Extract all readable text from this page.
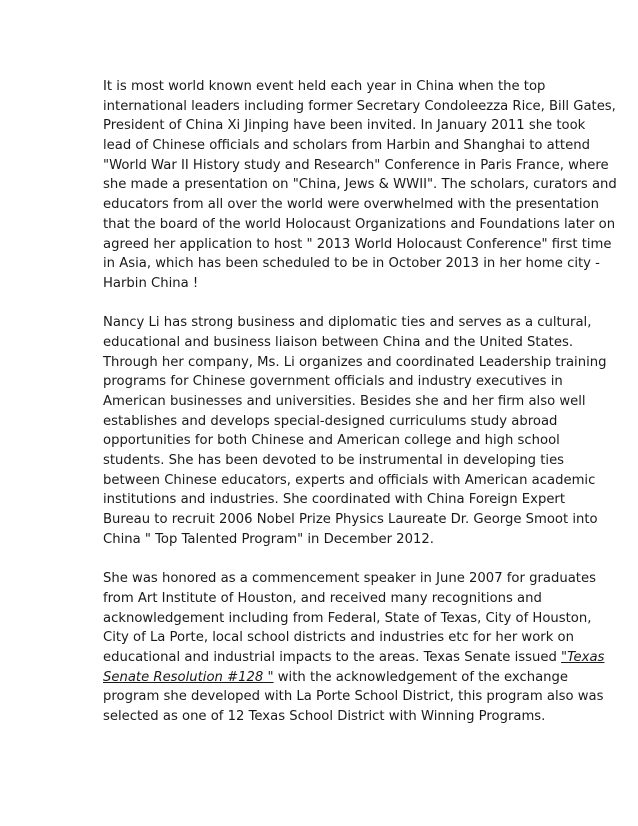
It is most world known event held each year in China when the top
international leaders including former Secretary Condoleezza Rice, Bill Gates,
President of China Xi Jinping have been invited. In January 2011 she took
lead of Chinese officials and scholars from Harbin and Shanghai to attend
"World War II History study and Research" Conference in Paris France, where
she made a presentation on "China, Jews & WWII". The scholars, curators and
educators from all over the world were overwhelmed with the presentation
that the board of the world Holocaust Organizations and Foundations later on
agreed her application to host " 2013 World Holocaust Conference" first time
in Asia, which has been scheduled to be in October 2013 in her home city -
Harbin China !
Nancy Li has strong business and diplomatic ties and serves as a cultural,
educational and business liaison between China and the United States.
Through her company, Ms. Li organizes and coordinated Leadership training
programs for Chinese government officials and industry executives in
American businesses and universities. Besides she and her firm also well
establishes and develops special-designed curriculums study abroad
opportunities for both Chinese and American college and high school
students. She has been devoted to be instrumental in developing ties
between Chinese educators, experts and officials with American academic
institutions and industries. She coordinated with China Foreign Expert
Bureau to recruit 2006 Nobel Prize Physics Laureate Dr. George Smoot into
China " Top Talented Program" in December 2012.
She was honored as a commencement speaker in June 2007 for graduates
from Art Institute of Houston, and received many recognitions and
acknowledgement including from Federal, State of Texas, City of Houston,
City of La Porte, local school districts and industries etc for her work on
educational and industrial impacts to the areas. Texas Senate issued "Texas
Senate Resolution #128 " with the acknowledgement of the exchange
program she developed with La Porte School District, this program also was
selected as one of 12 Texas School District with Winning Programs.
